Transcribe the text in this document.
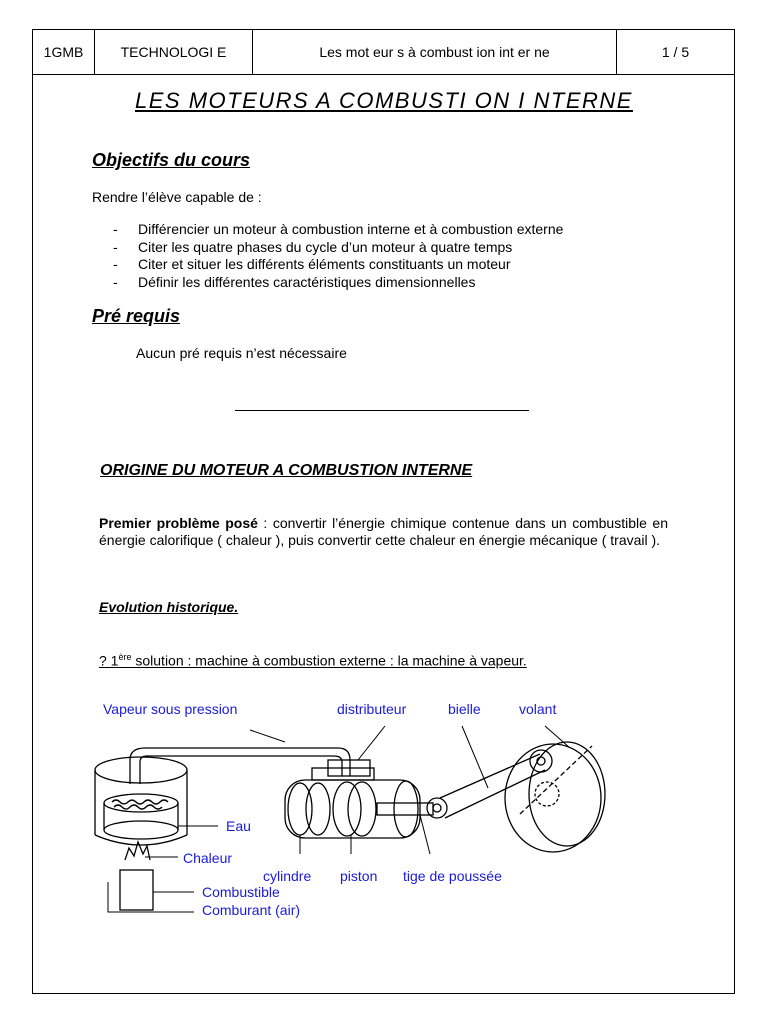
1GMB	TECHNOLOGI E	Les mot eur s à combust ion int er ne	1 / 5
LES MOTEURS A COMBUSTI ON I NTERNE
Objectifs du cours
Rendre l’élève capable de :
- Différencier un moteur à combustion interne et à combustion externe
- Citer les quatre phases du cycle d’un moteur à quatre temps
- Citer et situer les différents éléments constituants un moteur
- Définir les différentes caractéristiques dimensionnelles
Pré requis
Aucun pré requis n’est nécessaire
ORIGINE DU MOTEUR A COMBUSTION INTERNE
Premier problème posé : convertir l’énergie chimique contenue dans un combustible en énergie calorifique ( chaleur ), puis convertir cette chaleur en énergie mécanique ( travail ).
Evolution historique.
? 1ère solution : machine à combustion externe : la machine à vapeur.
Vapeur sous pression	distributeur	bielle	volant
Eau
Chaleur
cylindre piston tige de poussée
Combustible
Comburant (air)
